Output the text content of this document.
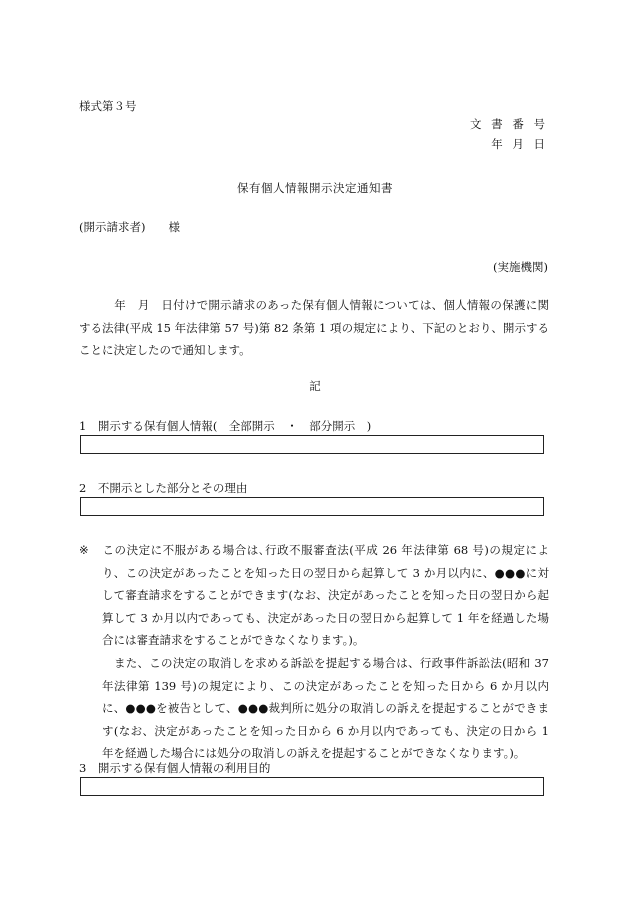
様式第３号
文 書 番 号
年 月 日
保有個人情報開示決定通知書
(開示請求者)　　様
(実施機関)
　　　年　月　日付けで開示請求のあった保有個人情報については、個人情報の保護に関する法律(平成 15 年法律第 57 号)第 82 条第 1 項の規定により、下記のとおり、開示することに決定したので通知します。
記
1　開示する保有個人情報(　全部開示　・　部分開示　)
2　不開示とした部分とその理由
※ この決定に不服がある場合は､行政不服審査法(平成 26 年法律第 68 号)の規定により、この決定があったことを知った日の翌日から起算して 3 か月以内に、●●●に対して審査請求をすることができます(なお、決定があったことを知った日の翌日から起算して 3 か月以内であっても、決定があった日の翌日から起算して 1 年を経過した場合には審査請求をすることができなくなります。)。
また、この決定の取消しを求める訴訟を提起する場合は、行政事件訴訟法(昭和 37 年法律第 139 号)の規定により、この決定があったことを知った日から 6 か月以内に、●●●を被告として、●●●裁判所に処分の取消しの訴えを提起することができます(なお、決定があったことを知った日から 6 か月以内であっても、決定の日から 1 年を経過した場合には処分の取消しの訴えを提起することができなくなります。)。
3　開示する保有個人情報の利用目的
